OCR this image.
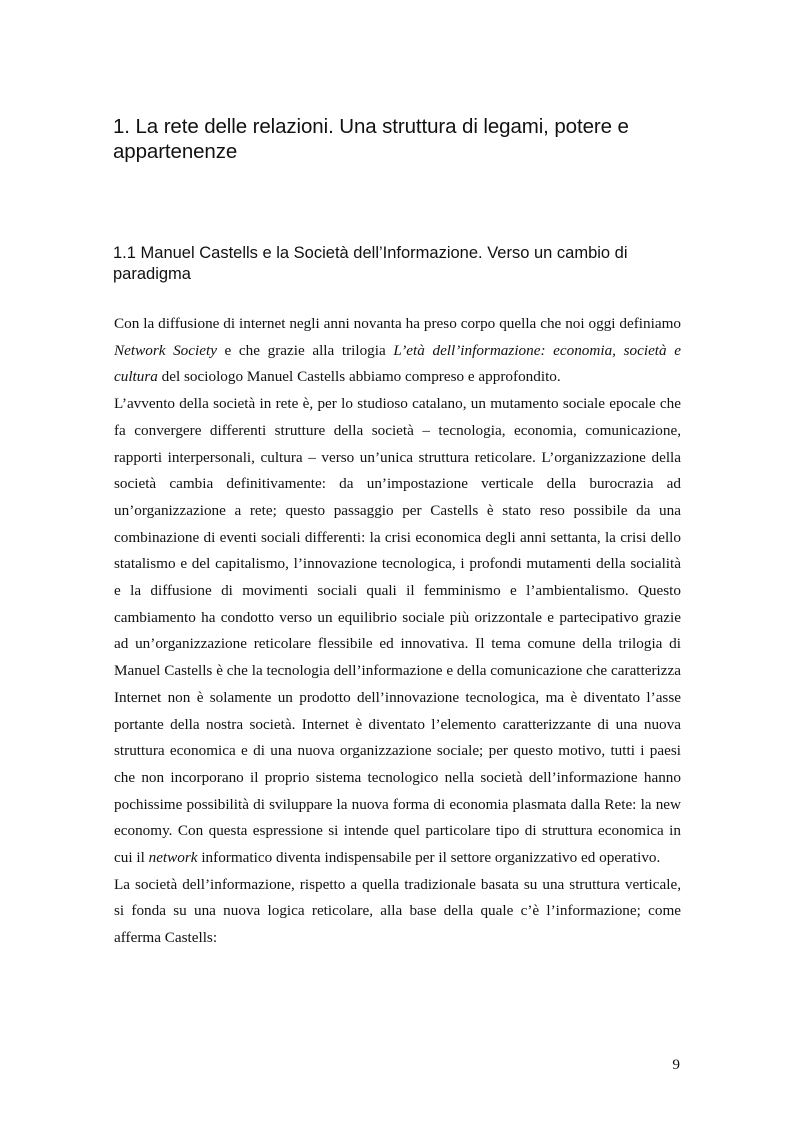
1. La rete delle relazioni. Una struttura di legami, potere e appartenenze
1.1 Manuel Castells e la Società dell’Informazione. Verso un cambio di paradigma

Con la diffusione di internet negli anni novanta ha preso corpo quella che noi oggi definiamo Network Society e che grazie alla trilogia L’età dell’informazione: economia, società e cultura del sociologo Manuel Castells abbiamo compreso e approfondito.

L’avvento della società in rete è, per lo studioso catalano, un mutamento sociale epocale che fa convergere differenti strutture della società – tecnologia, economia, comunicazione, rapporti interpersonali, cultura – verso un’unica struttura reticolare. L’organizzazione della società cambia definitivamente: da un’impostazione verticale della burocrazia ad un’organizzazione a rete; questo passaggio per Castells è stato reso possibile da una combinazione di eventi sociali differenti: la crisi economica degli anni settanta, la crisi dello statalismo e del capitalismo, l’innovazione tecnologica, i profondi mutamenti della socialità e la diffusione di movimenti sociali quali il femminismo e l’ambientalismo. Questo cambiamento ha condotto verso un equilibrio sociale più orizzontale e partecipativo grazie ad un’organizzazione reticolare flessibile ed innovativa. Il tema comune della trilogia di Manuel Castells è che la tecnologia dell’informazione e della comunicazione che caratterizza Internet non è solamente un prodotto dell’innovazione tecnologica, ma è diventato l’asse portante della nostra società. Internet è diventato l’elemento caratterizzante di una nuova struttura economica e di una nuova organizzazione sociale; per questo motivo, tutti i paesi che non incorporano il proprio sistema tecnologico nella società dell’informazione hanno pochissime possibilità di sviluppare la nuova forma di economia plasmata dalla Rete: la new economy. Con questa espressione si intende quel particolare tipo di struttura economica in cui il network informatico diventa indispensabile per il settore organizzativo ed operativo.

La società dell’informazione, rispetto a quella tradizionale basata su una struttura verticale, si fonda su una nuova logica reticolare, alla base della quale c’è l’informazione; come afferma Castells:

9
